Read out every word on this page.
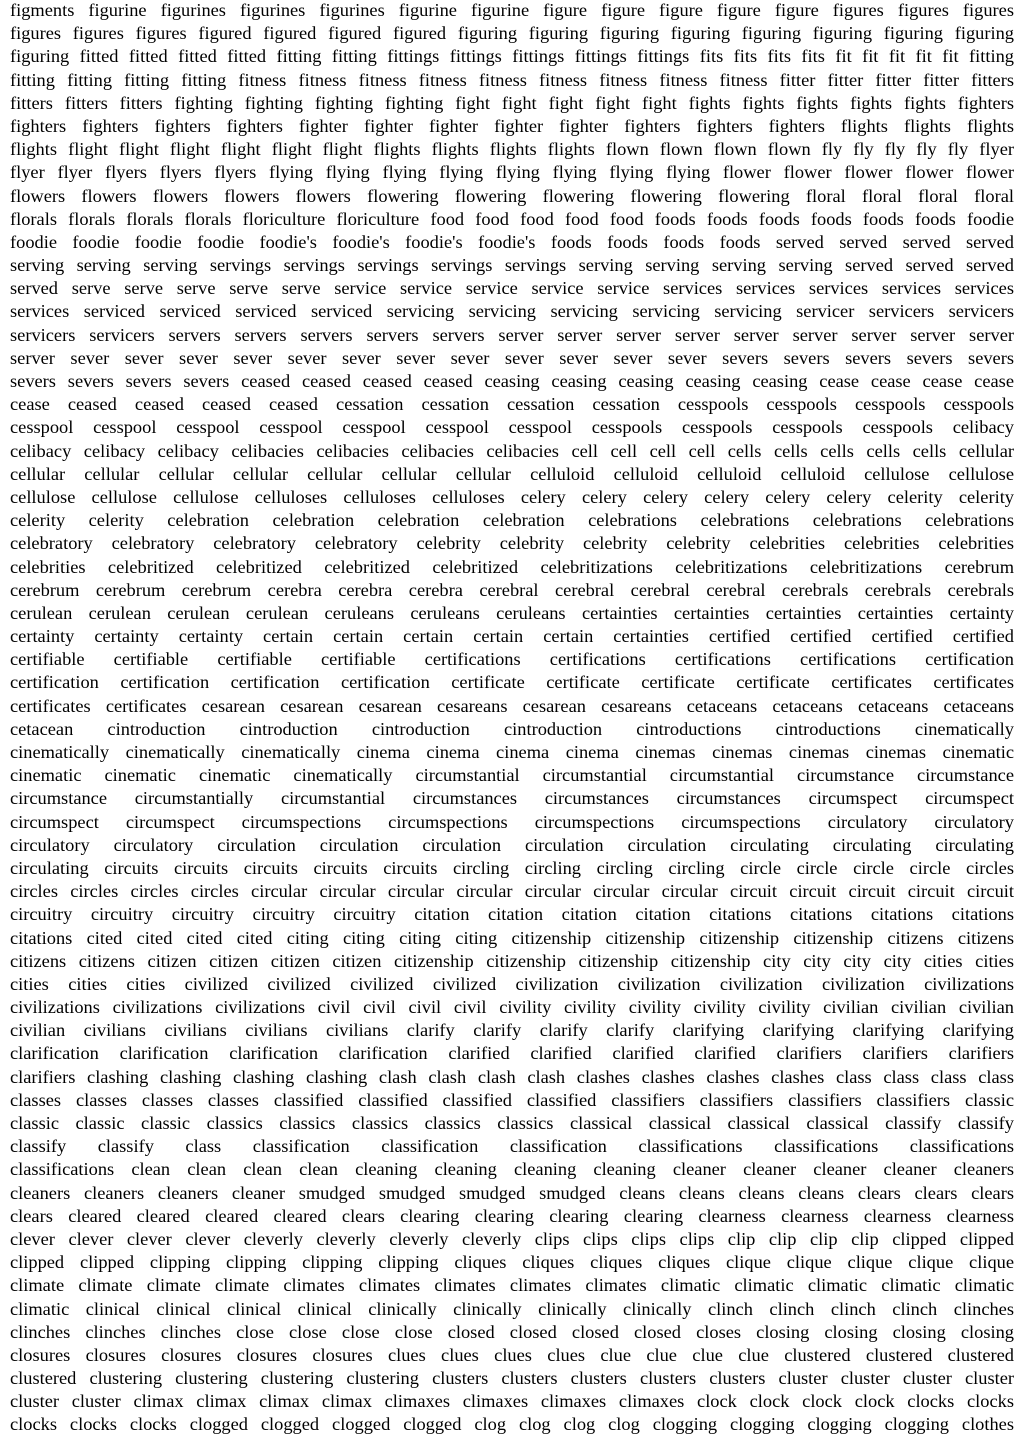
figments figurine figurines figurines figurines figurine figurine figure figure figure figure figure figures figures figures
figures figures figures figured figured figured figured figuring figuring figuring figuring figuring figuring figuring figuring
figuring fitted fitted fitted fitted fitting fitting fittings fittings fittings fittings fittings fits fits fits fits fit fit fit fit fit fitting
fitting fitting fitting fitting fitness fitness fitness fitness fitness fitness fitness fitness fitness fitter fitter fitter fitter fitters
fitters fitters fitters fighting fighting fighting fighting fight fight fight fight fight fights fights fights fights fights fighters
fighters fighters fighters fighters fighter fighter fighter fighter fighter fighters fighters fighters flights flights flights
flights flight flight flight flight flight flight flights flights flights flights flown flown flown flown fly fly fly fly fly flyer
flyer flyer flyers flyers flyers flying flying flying flying flying flying flying flying flower flower flower flower flower
flowers flowers flowers flowers flowers flowering flowering flowering flowering flowering floral floral floral floral
florals florals florals florals floriculture floriculture food food food food food foods foods foods foods foods foods foodie
foodie foodie foodie foodie foodie's foodie's foodie's foodie's foods foods foods foods served served served served
serving serving serving servings servings servings servings servings serving serving serving serving served served served
served serve serve serve serve serve service service service service service services services services services services
services serviced serviced serviced serviced servicing servicing servicing servicing servicing servicer servicers servicers
servicers servicers servers servers servers servers servers server server server server server server server server server
server sever sever sever sever sever sever sever sever sever sever sever sever severs severs severs severs severs
severs severs severs severs ceased ceased ceased ceased ceasing ceasing ceasing ceasing ceasing cease cease cease cease
cease ceased ceased ceased ceased cessation cessation cessation cessation cesspools cesspools cesspools cesspools
cesspool cesspool cesspool cesspool cesspool cesspool cesspool cesspools cesspools cesspools cesspools celibacy
celibacy celibacy celibacy celibacies celibacies celibacies celibacies cell cell cell cell cells cells cells cells cells cellular
cellular cellular cellular cellular cellular cellular cellular celluloid celluloid celluloid celluloid cellulose cellulose
cellulose cellulose cellulose celluloses celluloses celluloses celery celery celery celery celery celery celerity celerity
celerity celerity celebration celebration celebration celebration celebrations celebrations celebrations celebrations
celebratory celebratory celebratory celebratory celebrity celebrity celebrity celebrity celebrities celebrities celebrities
celebrities celebritized celebritized celebritized celebritized celebritizations celebritizations celebritizations cerebrum
cerebrum cerebrum cerebrum cerebra cerebra cerebra cerebral cerebral cerebral cerebral cerebrals cerebrals cerebrals
cerulean cerulean cerulean cerulean ceruleans ceruleans ceruleans certainties certainties certainties certainties certainty
certainty certainty certainty certain certain certain certain certain certainties certified certified certified certified
certifiable certifiable certifiable certifiable certifications certifications certifications certifications certification
certification certification certification certification certificate certificate certificate certificate certificates certificates
certificates certificates cesarean cesarean cesarean cesareans cesarean cesareans cetaceans cetaceans cetaceans cetaceans
cetacean cintroduction cintroduction cintroduction cintroduction cintroductions cintroductions cinematically
cinematically cinematically cinematically cinema cinema cinema cinema cinemas cinemas cinemas cinemas cinematic
cinematic cinematic cinematic cinematically circumstantial circumstantial circumstantial circumstance circumstance
circumstance circumstantially circumstantial circumstances circumstances circumstances circumspect circumspect
circumspect circumspect circumspections circumspections circumspections circumspections circulatory circulatory
circulatory circulatory circulation circulation circulation circulation circulation circulating circulating circulating
circulating circuits circuits circuits circuits circuits circling circling circling circling circle circle circle circle circles
circles circles circles circles circular circular circular circular circular circular circular circuit circuit circuit circuit circuit
circuitry circuitry circuitry circuitry circuitry citation citation citation citation citations citations citations citations
citations cited cited cited cited citing citing citing citing citizenship citizenship citizenship citizenship citizens citizens
citizens citizens citizen citizen citizen citizen citizenship citizenship citizenship citizenship city city city city cities cities
cities cities cities civilized civilized civilized civilized civilization civilization civilization civilization civilizations
civilizations civilizations civilizations civil civil civil civil civility civility civility civility civility civilian civilian civilian
civilian civilians civilians civilians civilians clarify clarify clarify clarify clarifying clarifying clarifying clarifying
clarification clarification clarification clarification clarified clarified clarified clarified clarifiers clarifiers clarifiers
clarifiers clashing clashing clashing clashing clash clash clash clash clashes clashes clashes clashes class class class class
classes classes classes classes classified classified classified classified classifiers classifiers classifiers classifiers classic
classic classic classic classics classics classics classics classics classical classical classical classical classify classify
classify classify class classification classification classification classifications classifications classifications
classifications clean clean clean clean cleaning cleaning cleaning cleaning cleaner cleaner cleaner cleaner cleaners
cleaners cleaners cleaners cleaner smudged smudged smudged smudged cleans cleans cleans cleans clears clears clears
clears cleared cleared cleared cleared clears clearing clearing clearing clearing clearness clearness clearness clearness
clever clever clever clever cleverly cleverly cleverly cleverly clips clips clips clips clip clip clip clip clipped clipped
clipped clipped clipping clipping clipping clipping cliques cliques cliques cliques clique clique clique clique clique
climate climate climate climate climates climates climates climates climates climatic climatic climatic climatic climatic
climatic clinical clinical clinical clinical clinically clinically clinically clinically clinch clinch clinch clinch clinches
clinches clinches clinches close close close close closed closed closed closed closes closing closing closing closing
closures closures closures closures closures clues clues clues clues clue clue clue clue clustered clustered clustered
clustered clustering clustering clustering clustering clusters clusters clusters clusters clusters cluster cluster cluster cluster
cluster cluster climax climax climax climax climaxes climaxes climaxes climaxes clock clock clock clock clocks clocks
clocks clocks clocks clogged clogged clogged clogged clog clog clog clog clogging clogging clogging clogging clothes
